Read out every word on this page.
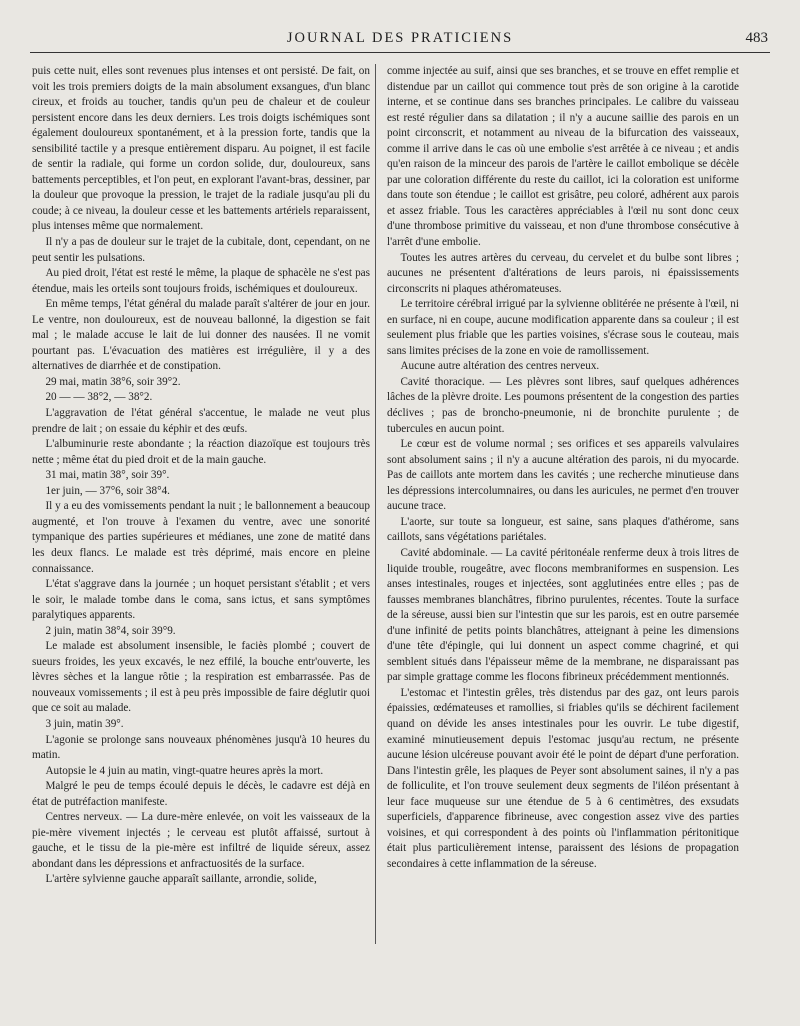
JOURNAL DES PRATICIENS	483

puis cette nuit, elles sont revenues plus intenses et ont persisté. De fait, on voit les trois premiers doigts de la main absolument exsangues, d'un blanc cireux, et froids au toucher, tandis qu'un peu de chaleur et de couleur persistent encore dans les deux derniers. Les trois doigts ischémiques sont également douloureux spontanément, et à la pression forte, tandis que la sensibilité tactile y a presque entièrement disparu. Au poignet, il est facile de sentir la radiale, qui forme un cordon solide, dur, douloureux, sans battements perceptibles, et l'on peut, en explorant l'avant-bras, dessiner, par la douleur que provoque la pression, le trajet de la radiale jusqu'au pli du coude; à ce niveau, la douleur cesse et les battements artériels reparaissent, plus intenses même que normalement.

Il n'y a pas de douleur sur le trajet de la cubitale, dont, cependant, on ne peut sentir les pulsations.

Au pied droit, l'état est resté le même, la plaque de sphacèle ne s'est pas étendue, mais les orteils sont toujours froids, ischémiques et douloureux.

En même temps, l'état général du malade paraît s'altérer de jour en jour. Le ventre, non douloureux, est de nouveau ballonné, la digestion se fait mal ; le malade accuse le lait de lui donner des nausées. Il ne vomit pourtant pas. L'évacuation des matières est irrégulière, il y a des alternatives de diarrhée et de constipation.

29 mai, matin 38°6, soir 39°2.

20 — — 38°2, — 38°2.

L'aggravation de l'état général s'accentue, le malade ne veut plus prendre de lait ; on essaie du képhir et des œufs.

L'albuminurie reste abondante ; la réaction diazoïque est toujours très nette ; même état du pied droit et de la main gauche.

31 mai, matin 38°, soir 39°.

1er juin, — 37°6, soir 38°4.

Il y a eu des vomissements pendant la nuit ; le ballonnement a beaucoup augmenté, et l'on trouve à l'examen du ventre, avec une sonorité tympanique des parties supérieures et médianes, une zone de matité dans les deux flancs. Le malade est très déprimé, mais encore en pleine connaissance.

L'état s'aggrave dans la journée ; un hoquet persistant s'établit ; et vers le soir, le malade tombe dans le coma, sans ictus, et sans symptômes paralytiques apparents.

2 juin, matin 38°4, soir 39°9.

Le malade est absolument insensible, le faciès plombé ; couvert de sueurs froides, les yeux excavés, le nez effilé, la bouche entr'ouverte, les lèvres sèches et la langue rôtie ; la respiration est embarrassée. Pas de nouveaux vomissements ; il est à peu près impossible de faire déglutir quoi que ce soit au malade.

3 juin, matin 39°.

L'agonie se prolonge sans nouveaux phénomènes jusqu'à 10 heures du matin.

Autopsie le 4 juin au matin, vingt-quatre heures après la mort.

Malgré le peu de temps écoulé depuis le décès, le cadavre est déjà en état de putréfaction manifeste.

Centres nerveux. — La dure-mère enlevée, on voit les vaisseaux de la pie-mère vivement injectés ; le cerveau est plutôt affaissé, surtout à gauche, et le tissu de la pie-mère est infiltré de liquide séreux, assez abondant dans les dépressions et anfractuosités de la surface.

L'artère sylvienne gauche apparaît saillante, arrondie, solide,

comme injectée au suif, ainsi que ses branches, et se trouve en effet remplie et distendue par un caillot qui commence tout près de son origine à la carotide interne, et se continue dans ses branches principales. Le calibre du vaisseau est resté régulier dans sa dilatation ; il n'y a aucune saillie des parois en un point circonscrit, et notamment au niveau de la bifurcation des vaisseaux, comme il arrive dans le cas où une embolie s'est arrêtée à ce niveau ; et andis qu'en raison de la minceur des parois de l'artère le caillot embolique se décèle par une coloration différente du reste du caillot, ici la coloration est uniforme dans toute son étendue ; le caillot est grisâtre, peu coloré, adhérent aux parois et assez friable. Tous les caractères appréciables à l'œil nu sont donc ceux d'une thrombose primitive du vaisseau, et non d'une thrombose consécutive à l'arrêt d'une embolie.

Toutes les autres artères du cerveau, du cervelet et du bulbe sont libres ; aucunes ne présentent d'altérations de leurs parois, ni épaississements circonscrits ni plaques athéromateuses.

Le territoire cérébral irrigué par la sylvienne oblitérée ne présente à l'œil, ni en surface, ni en coupe, aucune modification apparente dans sa couleur ; il est seulement plus friable que les parties voisines, s'écrase sous le couteau, mais sans limites précises de la zone en voie de ramollissement.

Aucune autre altération des centres nerveux.

Cavité thoracique. — Les plèvres sont libres, sauf quelques adhérences lâches de la plèvre droite. Les poumons présentent de la congestion des parties déclives ; pas de broncho-pneumonie, ni de bronchite purulente ; de tubercules en aucun point.

Le cœur est de volume normal ; ses orifices et ses appareils valvulaires sont absolument sains ; il n'y a aucune altération des parois, ni du myocarde. Pas de caillots ante mortem dans les cavités ; une recherche minutieuse dans les dépressions intercolumnaires, ou dans les auricules, ne permet d'en trouver aucune trace.

L'aorte, sur toute sa longueur, est saine, sans plaques d'athérome, sans caillots, sans végétations pariétales.

Cavité abdominale. — La cavité péritonéale renferme deux à trois litres de liquide trouble, rougeâtre, avec flocons membraniformes en suspension. Les anses intestinales, rouges et injectées, sont agglutinées entre elles ; pas de fausses membranes blanchâtres, fibrino purulentes, récentes. Toute la surface de la séreuse, aussi bien sur l'intestin que sur les parois, est en outre parsemée d'une infinité de petits points blanchâtres, atteignant à peine les dimensions d'une tête d'épingle, qui lui donnent un aspect comme chagriné, et qui semblent situés dans l'épaisseur même de la membrane, ne disparaissant pas par simple grattage comme les flocons fibrineux précédemment mentionnés.

L'estomac et l'intestin grêles, très distendus par des gaz, ont leurs parois épaissies, œdémateuses et ramollies, si friables qu'ils se déchirent facilement quand on dévide les anses intestinales pour les ouvrir. Le tube digestif, examiné minutieusement depuis l'estomac jusqu'au rectum, ne présente aucune lésion ulcéreuse pouvant avoir été le point de départ d'une perforation. Dans l'intestin grêle, les plaques de Peyer sont absolument saines, il n'y a pas de folliculite, et l'on trouve seulement deux segments de l'iléon présentant à leur face muqueuse sur une étendue de 5 à 6 centimètres, des exsudats superficiels, d'apparence fibrineuse, avec congestion assez vive des parties voisines, et qui correspondent à des points où l'inflammation péritonitique était plus particulièrement intense, paraissent des lésions de propagation secondaires à cette inflammation de la séreuse.
